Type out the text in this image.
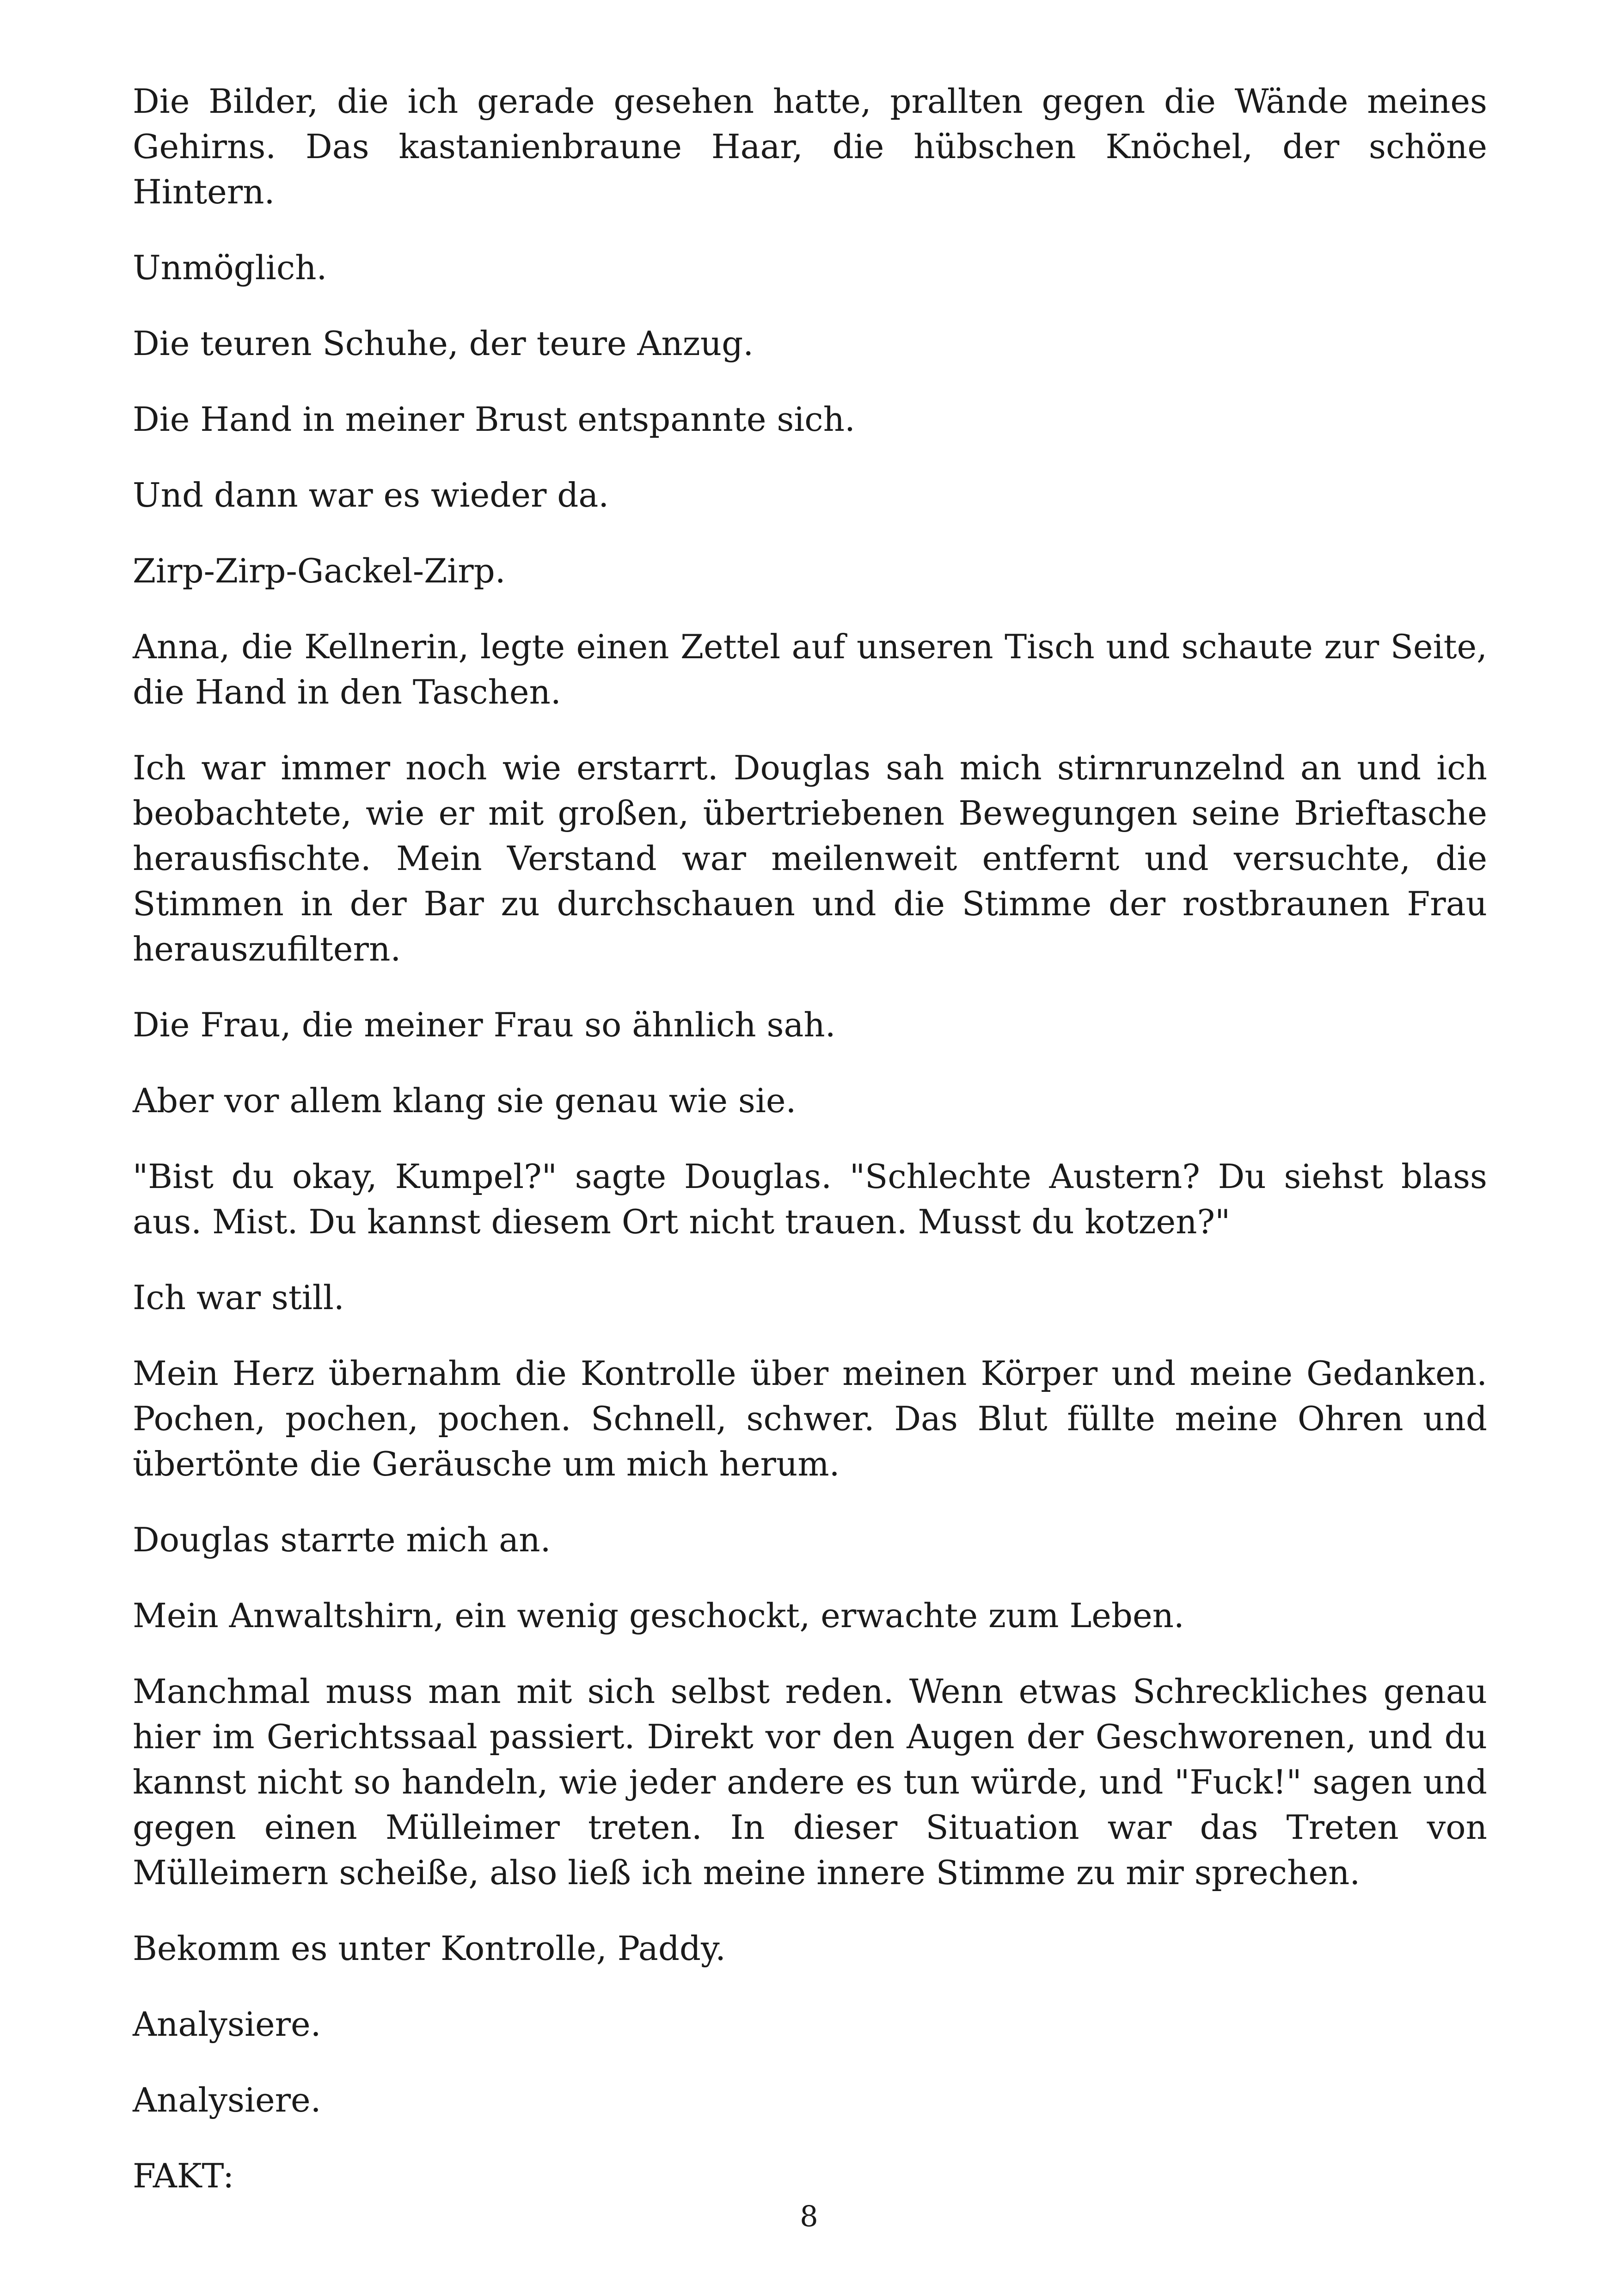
Die Bilder, die ich gerade gesehen hatte, prallten gegen die Wände meines Gehirns. Das kastanienbraune Haar, die hübschen Knöchel, der schöne Hintern.

Unmöglich.

Die teuren Schuhe, der teure Anzug.

Die Hand in meiner Brust entspannte sich.

Und dann war es wieder da.

Zirp-Zirp-Gackel-Zirp.

Anna, die Kellnerin, legte einen Zettel auf unseren Tisch und schaute zur Seite, die Hand in den Taschen.

Ich war immer noch wie erstarrt. Douglas sah mich stirnrunzelnd an und ich beobachtete, wie er mit großen, übertriebenen Bewegungen seine Brieftasche herausfischte. Mein Verstand war meilenweit entfernt und versuchte, die Stimmen in der Bar zu durchschauen und die Stimme der rostbraunen Frau herauszufiltern.

Die Frau, die meiner Frau so ähnlich sah.

Aber vor allem klang sie genau wie sie.

"Bist du okay, Kumpel?" sagte Douglas. "Schlechte Austern? Du siehst blass aus. Mist. Du kannst diesem Ort nicht trauen. Musst du kotzen?"

Ich war still.

Mein Herz übernahm die Kontrolle über meinen Körper und meine Gedanken. Pochen, pochen, pochen. Schnell, schwer. Das Blut füllte meine Ohren und übertönte die Geräusche um mich herum.

Douglas starrte mich an.

Mein Anwaltshirn, ein wenig geschockt, erwachte zum Leben.

Manchmal muss man mit sich selbst reden. Wenn etwas Schreckliches genau hier im Gerichtssaal passiert. Direkt vor den Augen der Geschworenen, und du kannst nicht so handeln, wie jeder andere es tun würde, und "Fuck!" sagen und gegen einen Mülleimer treten. In dieser Situation war das Treten von Mülleimern scheiße, also ließ ich meine innere Stimme zu mir sprechen.

Bekomm es unter Kontrolle, Paddy.

Analysiere.

Analysiere.

FAKT:

8
